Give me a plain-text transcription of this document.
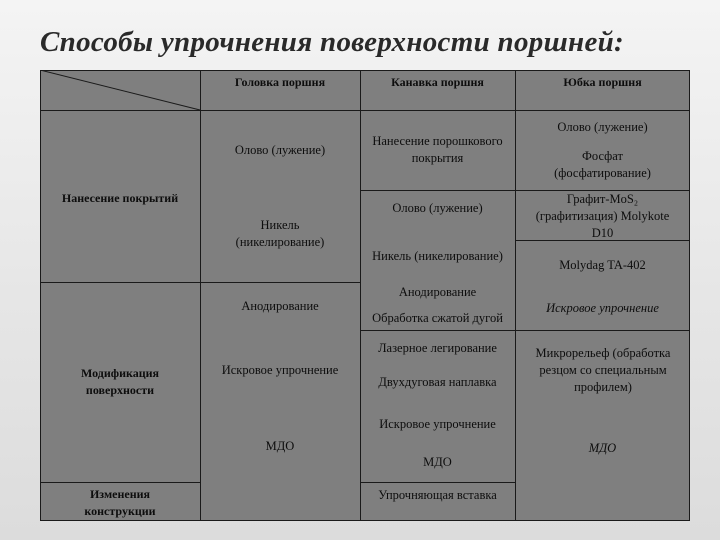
Способы упрочнения поверхности поршней:
Головка поршня	Канавка поршня	Юбка поршня
Нанесение покрытий
Модификация поверхности
Изменения конструкции
Олово (лужение)
Никель (никелирование)
Анодирование
Искровое упрочнение
МДО
Нанесение порошкового покрытия
Олово (лужение)
Никель (никелирование)
Анодирование
Обработка сжатой дугой
Лазерное легирование
Двухдуговая наплавка
Искровое упрочнение
МДО
Упрочняющая вставка
Олово (лужение)
Фосфат (фосфатирование)
Графит-MoS₂ (графитизация) Molykote D10
Molydag TA-402
Искровое упрочнение
Микрорельеф (обработка резцом со специальным профилем)
МДО
